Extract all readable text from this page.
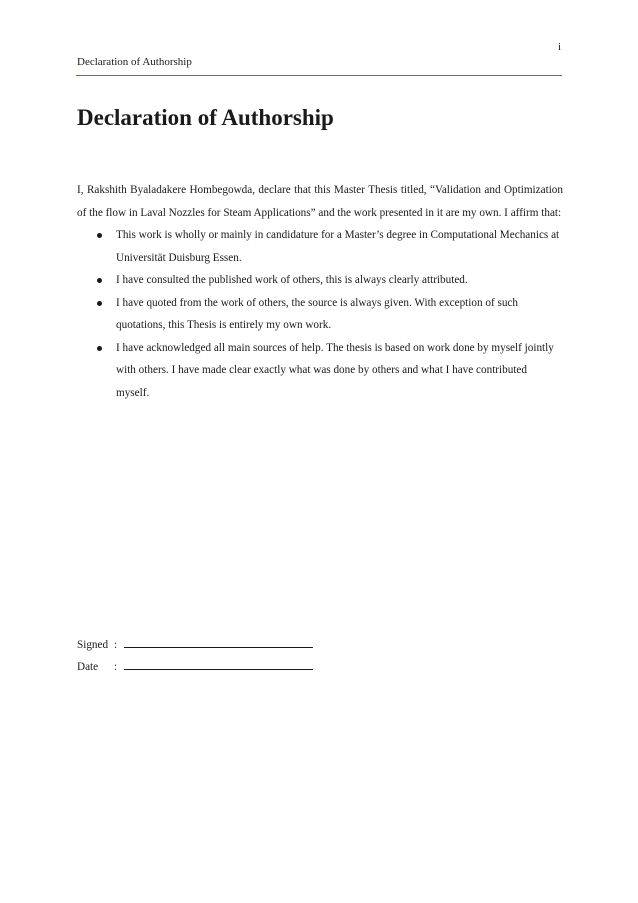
i
Declaration of Authorship
Declaration of Authorship

I, Rakshith Byaladakere Hombegowda, declare that this Master Thesis titled, “Validation and Optimization of the flow in Laval Nozzles for Steam Applications” and the work presented in it are my own. I affirm that:

This work is wholly or mainly in candidature for a Master’s degree in Computational Mechanics at Universität Duisburg Essen.
I have consulted the published work of others, this is always clearly attributed.
I have quoted from the work of others, the source is always given. With exception of such quotations, this Thesis is entirely my own work.
I have acknowledged all main sources of help. The thesis is based on work done by myself jointly with others. I have made clear exactly what was done by others and what I have contributed myself.
Signed :
Date	:
